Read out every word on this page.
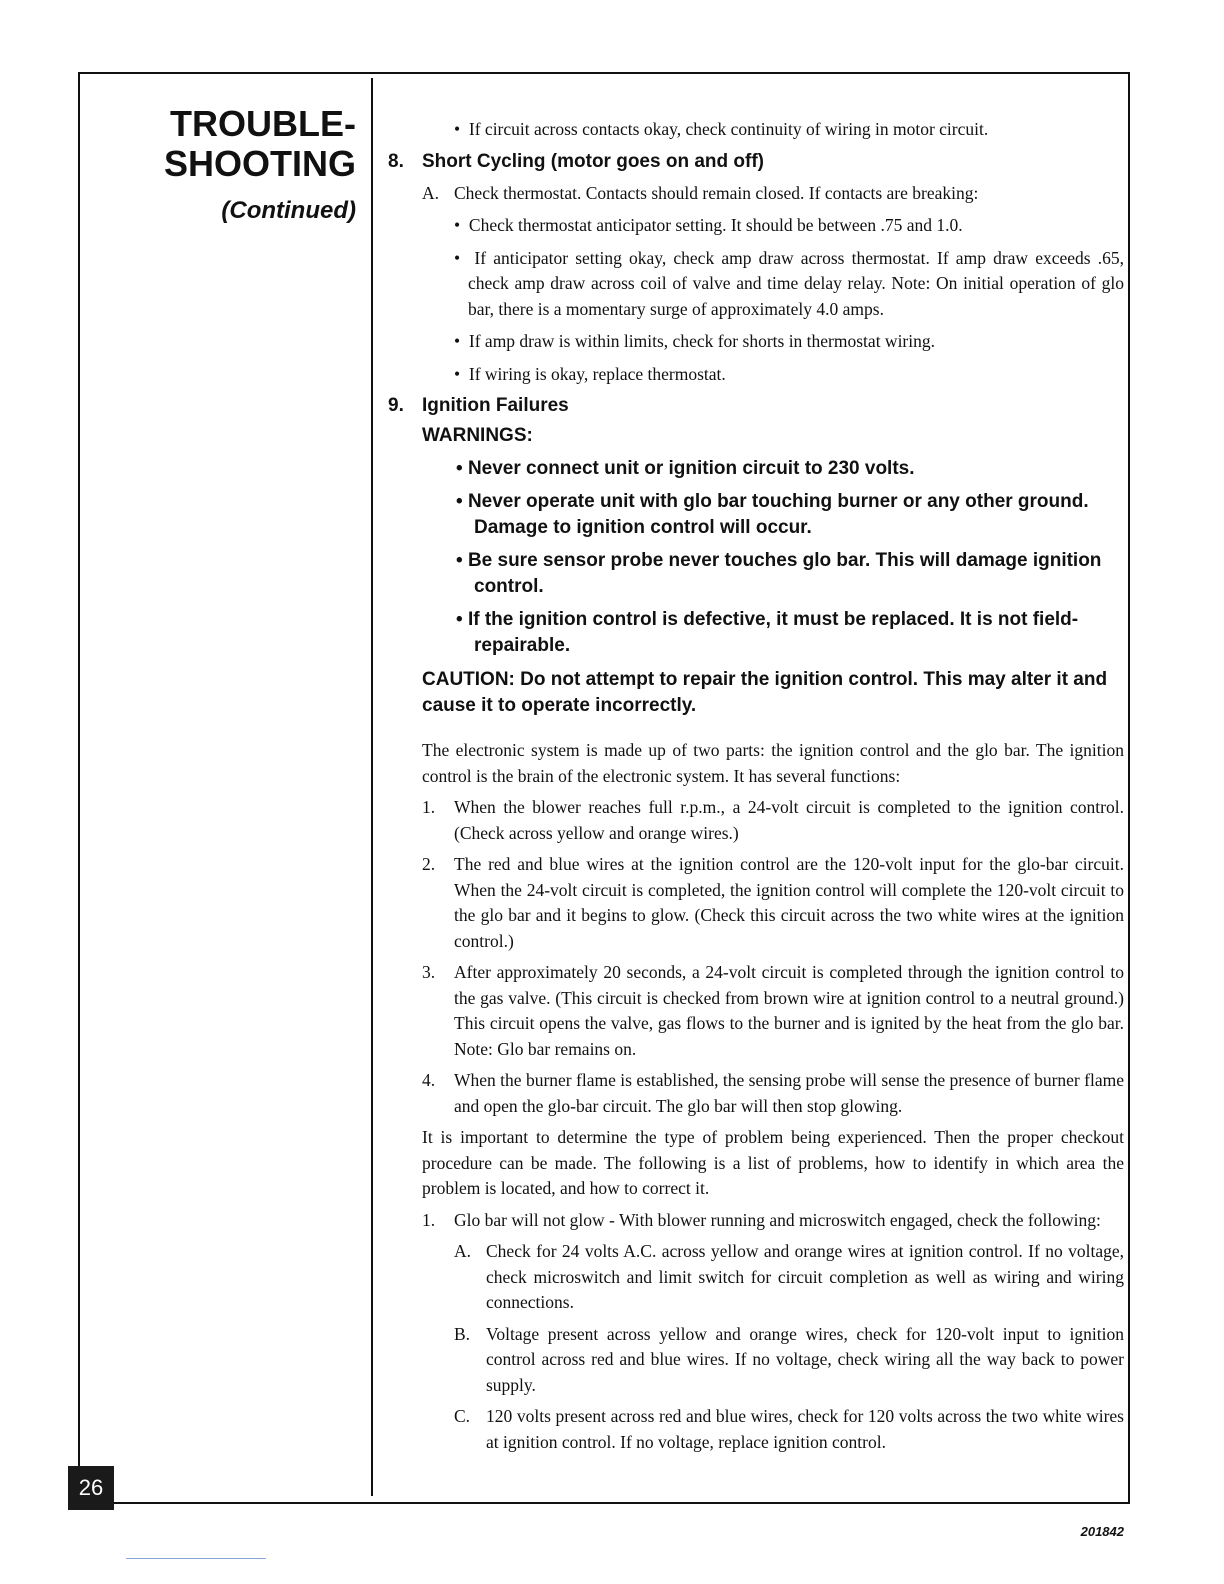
TROUBLE-
SHOOTING
(Continued)

•  If circuit across contacts okay, check continuity of wiring in motor circuit.

8. Short Cycling (motor goes on and off)
A. Check thermostat. Contacts should remain closed. If contacts are breaking:

•  Check thermostat anticipator setting. It should be between .75 and 1.0.

•  If anticipator setting okay, check amp draw across thermostat. If amp draw exceeds .65, check amp draw across coil of valve and time delay relay. Note: On initial operation of glo bar, there is a momentary surge of approximately 4.0 amps.

•  If amp draw is within limits, check for shorts in thermostat wiring.

•  If wiring is okay, replace thermostat.

9. Ignition Failures

WARNINGS:

• Never connect unit or ignition circuit to 230 volts.

• Never operate unit with glo bar touching burner or any other ground. Damage to ignition control will occur.

• Be sure sensor probe never touches glo bar. This will damage ignition control.

• If the ignition control is defective, it must be replaced. It is not field-repairable.

CAUTION: Do not attempt to repair the ignition control. This may alter it and cause it to operate incorrectly.

The electronic system is made up of two parts: the ignition control and the glo bar. The ignition control is the brain of the electronic system. It has several functions:

1.	When the blower reaches full r.p.m., a 24-volt circuit is completed to the ignition control. (Check across yellow and orange wires.)
2.	The red and blue wires at the ignition control are the 120-volt input for the glo-bar circuit. When the 24-volt circuit is completed, the ignition control will complete the 120-volt circuit to the glo bar and it begins to glow. (Check this circuit across the two white wires at the ignition control.)
3.	After approximately 20 seconds, a 24-volt circuit is completed through the ignition control to the gas valve. (This circuit is checked from brown wire at ignition control to a neutral ground.) This circuit opens the valve, gas flows to the burner and is ignited by the heat from the glo bar. Note: Glo bar remains on.
4.	When the burner flame is established, the sensing probe will sense the presence of burner flame and open the glo-bar circuit. The glo bar will then stop glowing.

It is important to determine the type of problem being experienced. Then the proper checkout procedure can be made. The following is a list of problems, how to identify in which area the problem is located, and how to correct it.

1.	Glo bar will not glow - With blower running and microswitch engaged, check the following:
A. Check for 24 volts A.C. across yellow and orange wires at ignition control. If no voltage, check microswitch and limit switch for circuit completion as well as wiring and wiring connections.
B. Voltage present across yellow and orange wires, check for 120-volt input to ignition control across red and blue wires. If no voltage, check wiring all the way back to power supply.
C. 120 volts present across red and blue wires, check for 120 volts across the two white wires at ignition control. If no voltage, replace ignition control.
26
201842
